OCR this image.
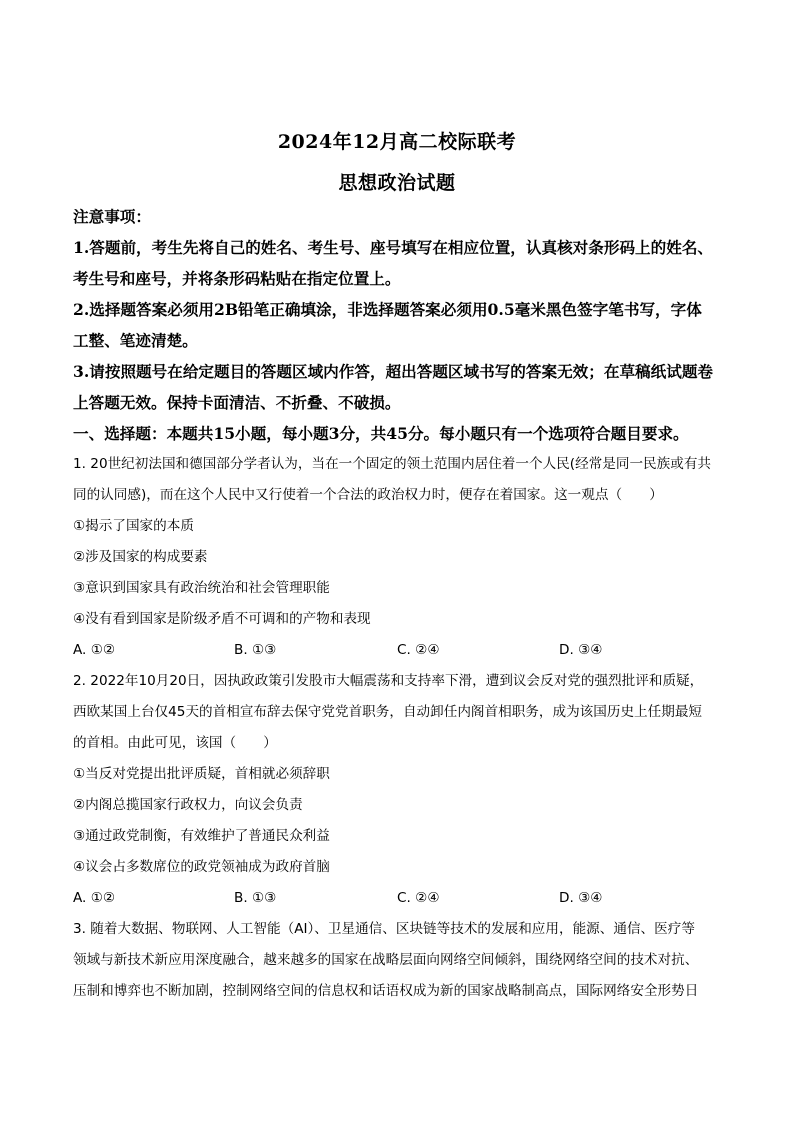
2024年12月高二校际联考
思想政治试题
注意事项：
1.答题前，考生先将自己的姓名、考生号、座号填写在相应位置，认真核对条形码上的姓名、
考生号和座号，并将条形码粘贴在指定位置上。
2.选择题答案必须用2B铅笔正确填涂，非选择题答案必须用0.5毫米黑色签字笔书写，字体
工整、笔迹清楚。
3.请按照题号在给定题目的答题区域内作答，超出答题区域书写的答案无效；在草稿纸试题卷
上答题无效。保持卡面清洁、不折叠、不破损。
一、选择题：本题共15小题，每小题3分，共45分。每小题只有一个选项符合题目要求。
1. 20世纪初法国和德国部分学者认为，当在一个固定的领土范围内居住着一个人民(经常是同一民族或有共
同的认同感)，而在这个人民中又行使着一个合法的政治权力时，便存在着国家。这一观点（　　）
①揭示了国家的本质
②涉及国家的构成要素
③意识到国家具有政治统治和社会管理职能
④没有看到国家是阶级矛盾不可调和的产物和表现
A. ①②	B. ①③	C. ②④	D. ③④
2. 2022年10月20日，因执政政策引发股市大幅震荡和支持率下滑，遭到议会反对党的强烈批评和质疑，
西欧某国上台仅45天的首相宣布辞去保守党党首职务，自动卸任内阁首相职务，成为该国历史上任期最短
的首相。由此可见，该国（　　）
①当反对党提出批评质疑，首相就必须辞职
②内阁总揽国家行政权力，向议会负责
③通过政党制衡，有效维护了普通民众利益
④议会占多数席位的政党领袖成为政府首脑
A. ①②	B. ①③	C. ②④	D. ③④
3. 随着大数据、物联网、人工智能（AI）、卫星通信、区块链等技术的发展和应用，能源、通信、医疗等
领域与新技术新应用深度融合，越来越多的国家在战略层面向网络空间倾斜，围绕网络空间的技术对抗、
压制和博弈也不断加剧，控制网络空间的信息权和话语权成为新的国家战略制高点，国际网络安全形势日
